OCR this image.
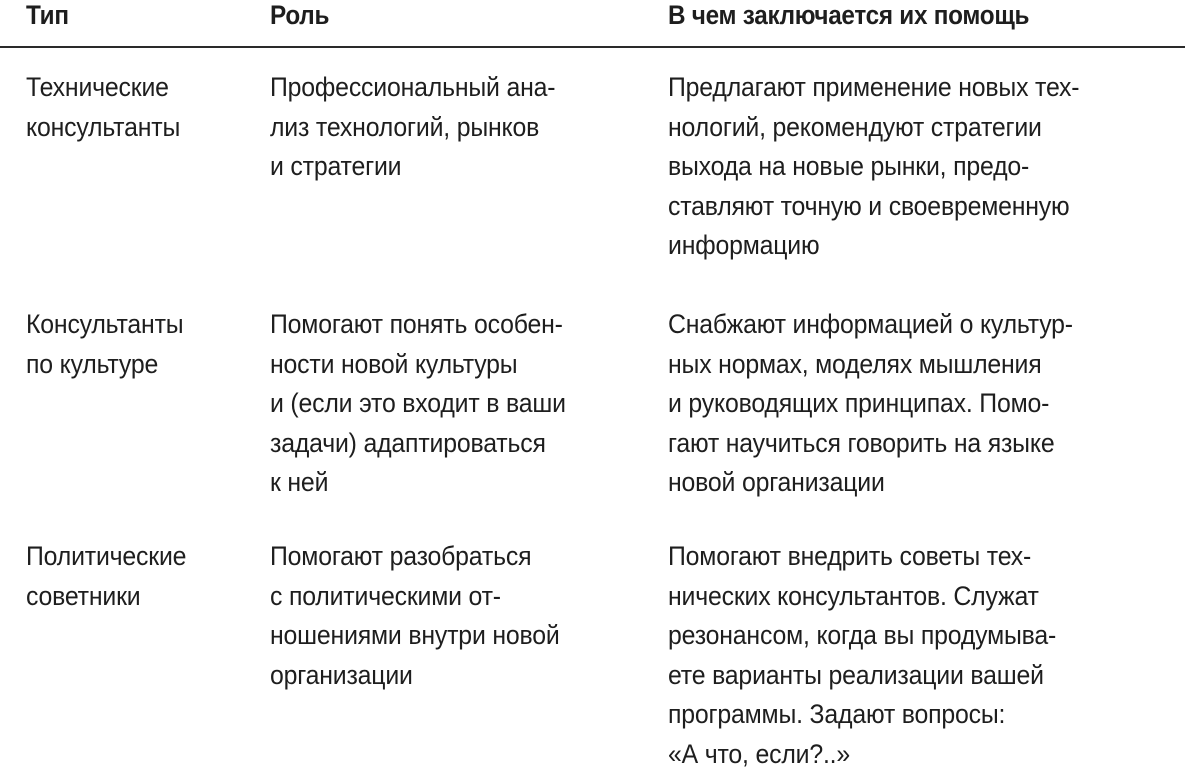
Тип	Роль	В чем заключается их помощь
Технические
консультанты
Профессиональный ана-
лиз технологий, рынков
и стратегии
Предлагают применение новых тех-
нологий, рекомендуют стратегии
выхода на новые рынки, предо-
ставляют точную и своевременную
информацию
Консультанты
по культуре
Помогают понять особен-
ности новой культуры
и (если это входит в ваши
задачи) адаптироваться
к ней
Снабжают информацией о культур-
ных нормах, моделях мышления
и руководящих принципах. Помо-
гают научиться говорить на языке
новой организации
Политические
советники
Помогают разобраться
с политическими от-
ношениями внутри новой
организации
Помогают внедрить советы тех-
нических консультантов. Служат
резонансом, когда вы продумыва-
ете варианты реализации вашей
программы. Задают вопросы:
«А что, если?..»
